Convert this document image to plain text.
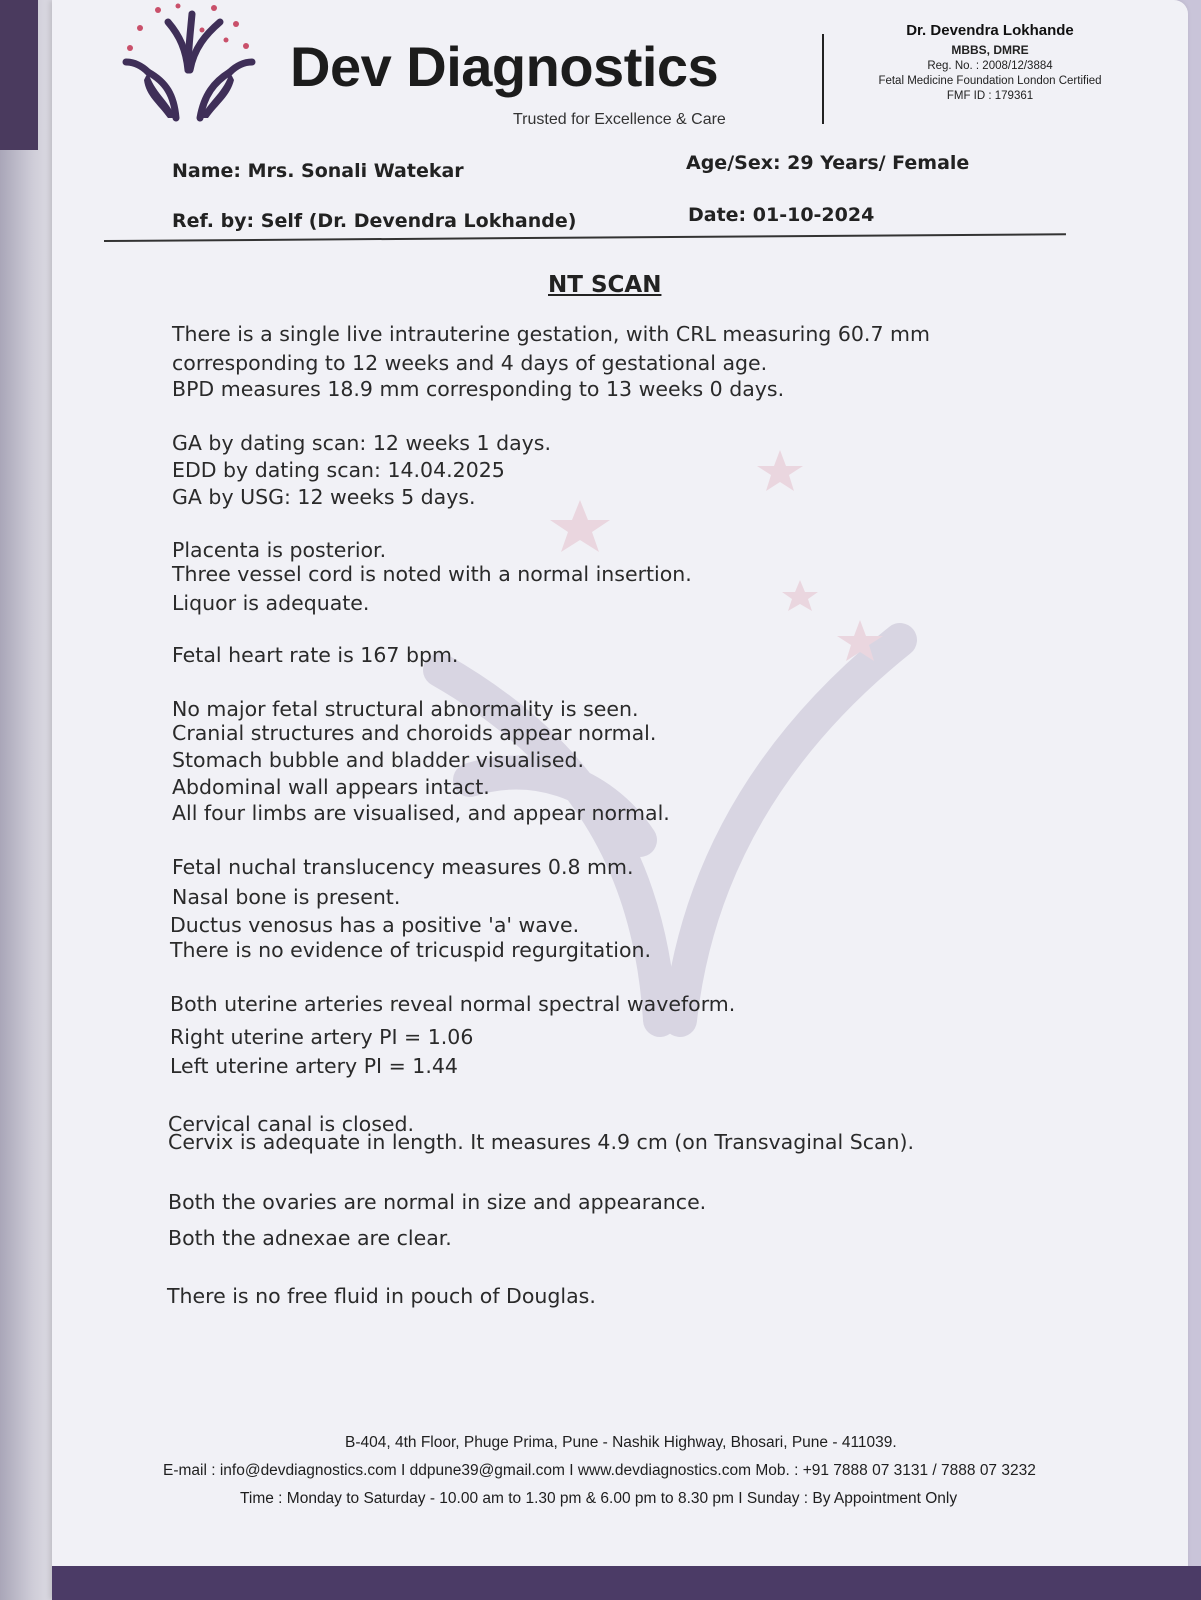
Dev Diagnostics
Trusted for Excellence & Care
Dr. Devendra Lokhande
MBBS, DMRE
Reg. No. : 2008/12/3884
Fetal Medicine Foundation London Certified
FMF ID : 179361
Name: Mrs. Sonali Watekar	Age/Sex: 29 Years/ Female
Ref. by: Self (Dr. Devendra Lokhande)	Date: 01-10-2024
NT SCAN
There is a single live intrauterine gestation, with CRL measuring 60.7 mm
corresponding to 12 weeks and 4 days of gestational age.
BPD measures 18.9 mm corresponding to 13 weeks 0 days.
GA by dating scan: 12 weeks 1 days.
EDD by dating scan: 14.04.2025
GA by USG: 12 weeks 5 days.
Placenta is posterior.
Three vessel cord is noted with a normal insertion.
Liquor is adequate.
Fetal heart rate is 167 bpm.
No major fetal structural abnormality is seen.
Cranial structures and choroids appear normal.
Stomach bubble and bladder visualised.
Abdominal wall appears intact.
All four limbs are visualised, and appear normal.
Fetal nuchal translucency measures 0.8 mm.
Nasal bone is present.
Ductus venosus has a positive 'a' wave.
There is no evidence of tricuspid regurgitation.
Both uterine arteries reveal normal spectral waveform.
Right uterine artery PI = 1.06
Left uterine artery PI = 1.44
Cervical canal is closed.
Cervix is adequate in length. It measures 4.9 cm (on Transvaginal Scan).
Both the ovaries are normal in size and appearance.
Both the adnexae are clear.
There is no free fluid in pouch of Douglas.
B-404, 4th Floor, Phuge Prima, Pune - Nashik Highway, Bhosari, Pune - 411039.
E-mail : info@devdiagnostics.com I ddpune39@gmail.com I www.devdiagnostics.com Mob. : +91 7888 07 3131 / 7888 07 3232
Time : Monday to Saturday - 10.00 am to 1.30 pm & 6.00 pm to 8.30 pm I Sunday : By Appointment Only
